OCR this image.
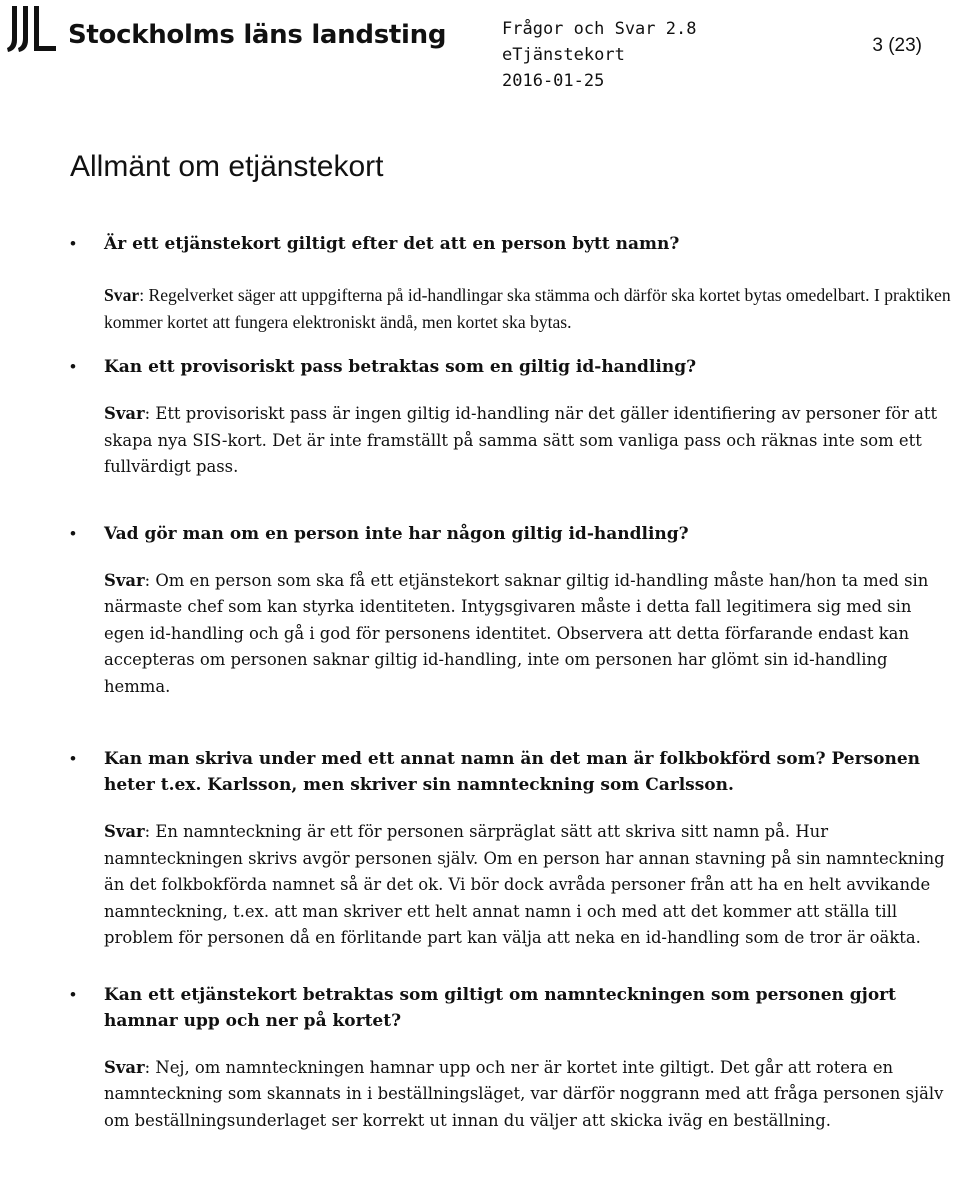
Stockholms läns landsting	Frågor och Svar 2.8
eTjänstekort
2016-01-25
3 (23)
Allmänt om etjänstekort
• Är ett etjänstekort giltigt efter det att en person bytt namn?
Svar: Regelverket säger att uppgifterna på id-handlingar ska stämma och därför ska kortet bytas omedelbart. I praktiken kommer kortet att fungera elektroniskt ändå, men kortet ska bytas.
• Kan ett provisoriskt pass betraktas som en giltig id-handling?
Svar: Ett provisoriskt pass är ingen giltig id-handling när det gäller identifiering av personer för att skapa nya SIS-kort. Det är inte framställt på samma sätt som vanliga pass och räknas inte som ett fullvärdigt pass.
• Vad gör man om en person inte har någon giltig id-handling?
Svar: Om en person som ska få ett etjänstekort saknar giltig id-handling måste han/hon ta med sin närmaste chef som kan styrka identiteten. Intygsgivaren måste i detta fall legitimera sig med sin egen id-handling och gå i god för personens identitet. Observera att detta förfarande endast kan accepteras om personen saknar giltig id-handling, inte om personen har glömt sin id-handling hemma.
• Kan man skriva under med ett annat namn än det man är folkbokförd som? Personen heter t.ex. Karlsson, men skriver sin namnteckning som Carlsson.
Svar: En namnteckning är ett för personen särpräglat sätt att skriva sitt namn på. Hur namnteckningen skrivs avgör personen själv. Om en person har annan stavning på sin namnteckning än det folkbokförda namnet så är det ok. Vi bör dock avråda personer från att ha en helt avvikande namnteckning, t.ex. att man skriver ett helt annat namn i och med att det kommer att ställa till problem för personen då en förlitande part kan välja att neka en id-handling som de tror är oäkta.
• Kan ett etjänstekort betraktas som giltigt om namnteckningen som personen gjort hamnar upp och ner på kortet?
Svar: Nej, om namnteckningen hamnar upp och ner är kortet inte giltigt. Det går att rotera en namnteckning som skannats in i beställningsläget, var därför noggrann med att fråga personen själv om beställningsunderlaget ser korrekt ut innan du väljer att skicka iväg en beställning.
